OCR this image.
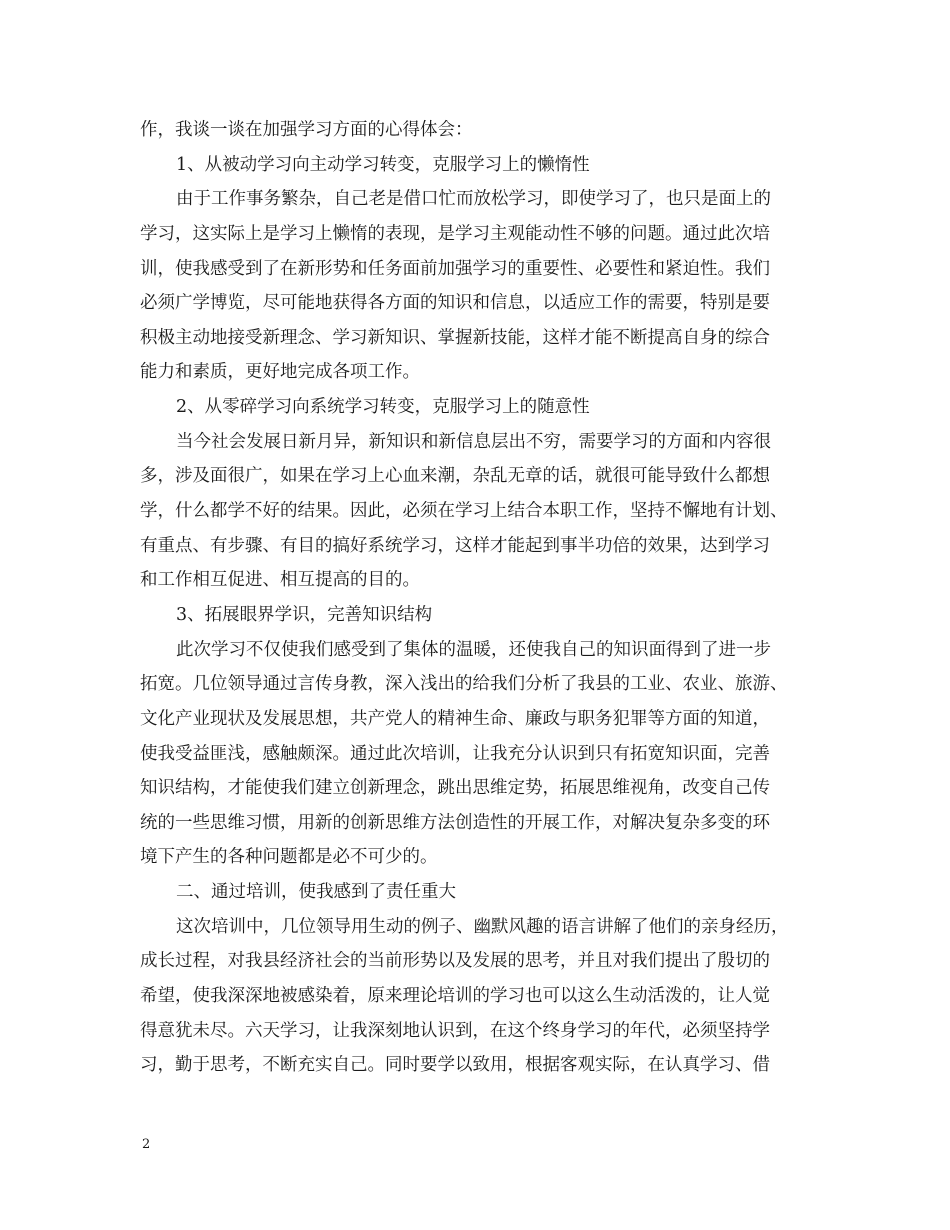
作，我谈一谈在加强学习方面的心得体会：
1、从被动学习向主动学习转变，克服学习上的懒惰性
由于工作事务繁杂，自己老是借口忙而放松学习，即使学习了，也只是面上的
学习，这实际上是学习上懒惰的表现，是学习主观能动性不够的问题。通过此次培
训，使我感受到了在新形势和任务面前加强学习的重要性、必要性和紧迫性。我们
必须广学博览，尽可能地获得各方面的知识和信息，以适应工作的需要，特别是要
积极主动地接受新理念、学习新知识、掌握新技能，这样才能不断提高自身的综合
能力和素质，更好地完成各项工作。
2、从零碎学习向系统学习转变，克服学习上的随意性
当今社会发展日新月异，新知识和新信息层出不穷，需要学习的方面和内容很
多，涉及面很广，如果在学习上心血来潮，杂乱无章的话，就很可能导致什么都想
学，什么都学不好的结果。因此，必须在学习上结合本职工作，坚持不懈地有计划、
有重点、有步骤、有目的搞好系统学习，这样才能起到事半功倍的效果，达到学习
和工作相互促进、相互提高的目的。
3、拓展眼界学识，完善知识结构
此次学习不仅使我们感受到了集体的温暖，还使我自己的知识面得到了进一步
拓宽。几位领导通过言传身教，深入浅出的给我们分析了我县的工业、农业、旅游、
文化产业现状及发展思想，共产党人的精神生命、廉政与职务犯罪等方面的知道，
使我受益匪浅，感触颇深。通过此次培训，让我充分认识到只有拓宽知识面，完善
知识结构，才能使我们建立创新理念，跳出思维定势，拓展思维视角，改变自己传
统的一些思维习惯，用新的创新思维方法创造性的开展工作，对解决复杂多变的环
境下产生的各种问题都是必不可少的。
二、通过培训，使我感到了责任重大
这次培训中，几位领导用生动的例子、幽默风趣的语言讲解了他们的亲身经历，
成长过程，对我县经济社会的当前形势以及发展的思考，并且对我们提出了殷切的
希望，使我深深地被感染着，原来理论培训的学习也可以这么生动活泼的，让人觉
得意犹未尽。六天学习，让我深刻地认识到，在这个终身学习的年代，必须坚持学
习，勤于思考，不断充实自己。同时要学以致用，根据客观实际，在认真学习、借
2
